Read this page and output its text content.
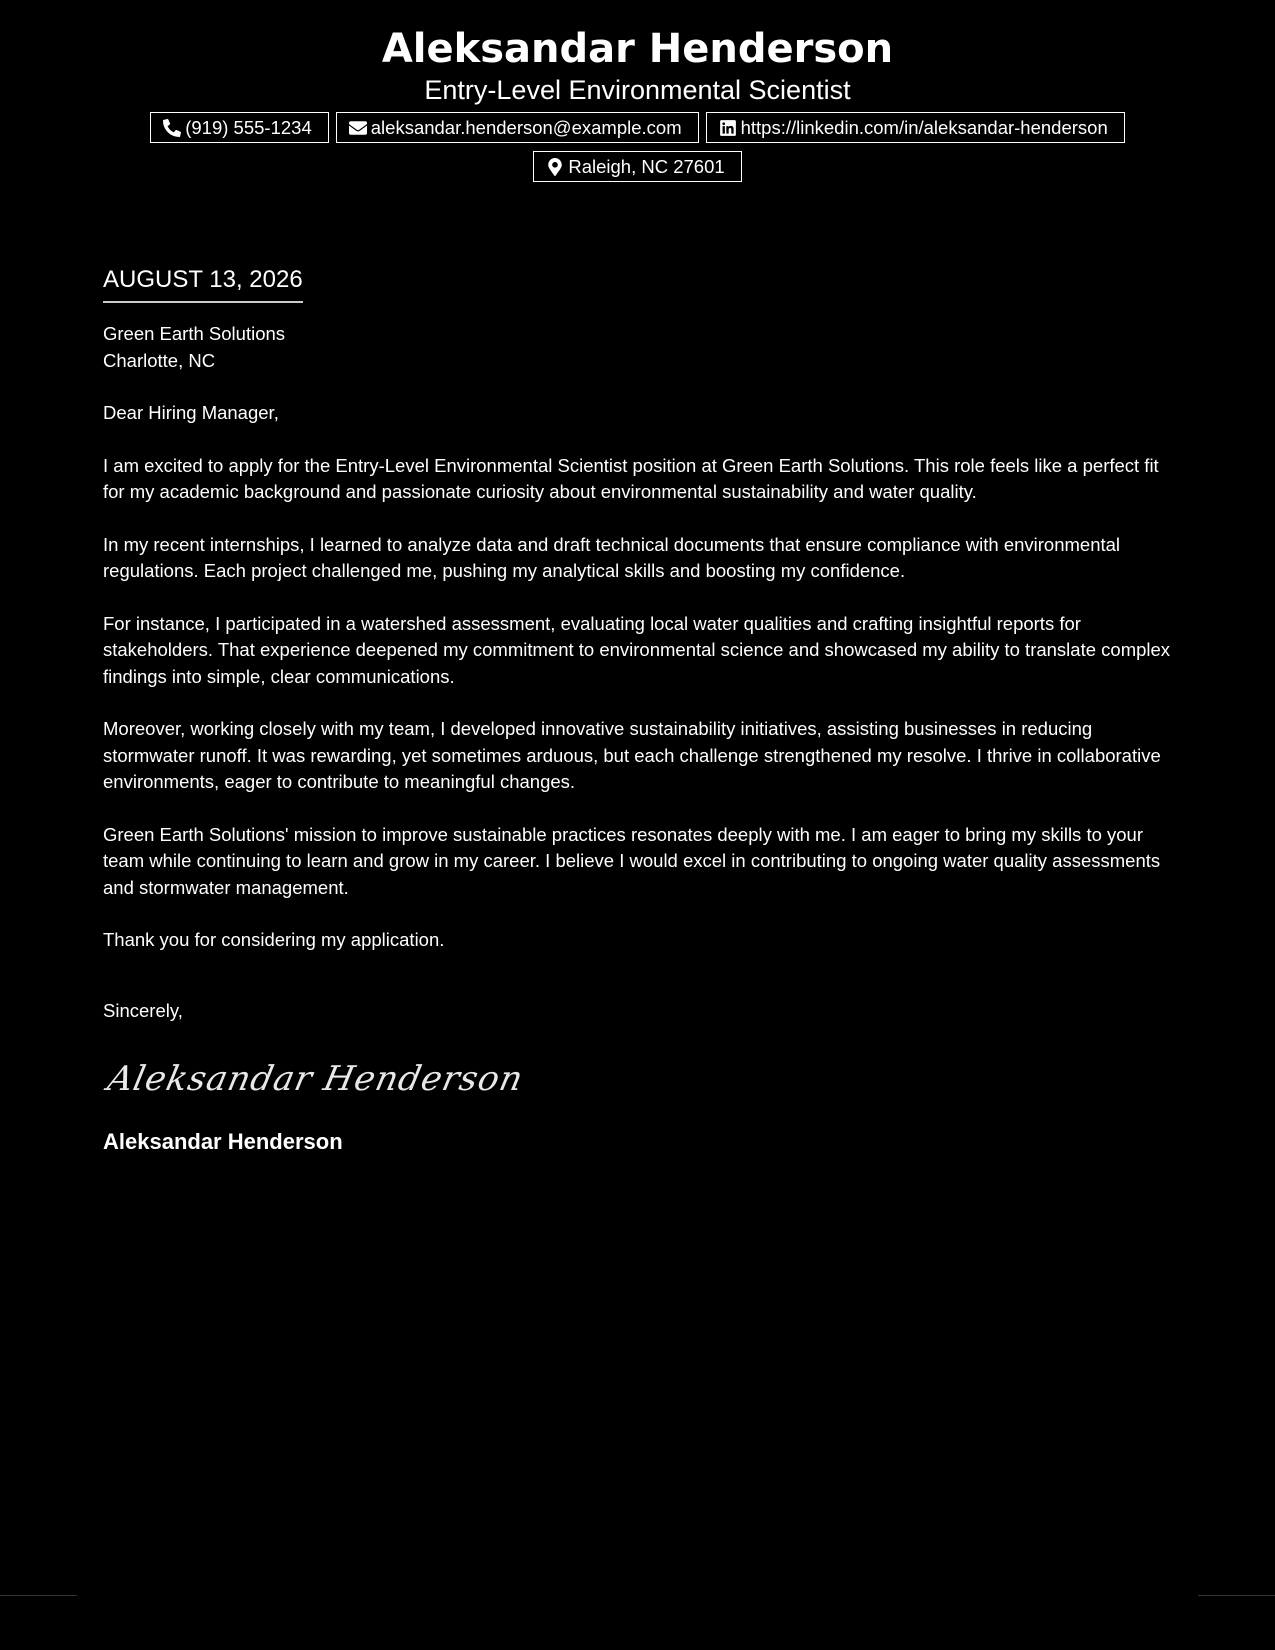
Aleksandar Henderson
Entry-Level Environmental Scientist
(919) 555-1234	aleksandar.henderson@example.com	https://linkedin.com/in/aleksandar-henderson
Raleigh, NC 27601
AUGUST 13, 2026

Green Earth Solutions

Charlotte, NC

Dear Hiring Manager,

I am excited to apply for the Entry-Level Environmental Scientist position at Green Earth Solutions. This role feels like a perfect fit for my academic background and passionate curiosity about environmental sustainability and water quality.

In my recent internships, I learned to analyze data and draft technical documents that ensure compliance with environmental regulations. Each project challenged me, pushing my analytical skills and boosting my confidence.

For instance, I participated in a watershed assessment, evaluating local water qualities and crafting insightful reports for stakeholders. That experience deepened my commitment to environmental science and showcased my ability to translate complex findings into simple, clear communications.

Moreover, working closely with my team, I developed innovative sustainability initiatives, assisting businesses in reducing stormwater runoff. It was rewarding, yet sometimes arduous, but each challenge strengthened my resolve. I thrive in collaborative environments, eager to contribute to meaningful changes.

Green Earth Solutions' mission to improve sustainable practices resonates deeply with me. I am eager to bring my skills to your team while continuing to learn and grow in my career. I believe I would excel in contributing to ongoing water quality assessments and stormwater management.

Thank you for considering my application.

Sincerely,
Aleksandar Henderson
Aleksandar Henderson
